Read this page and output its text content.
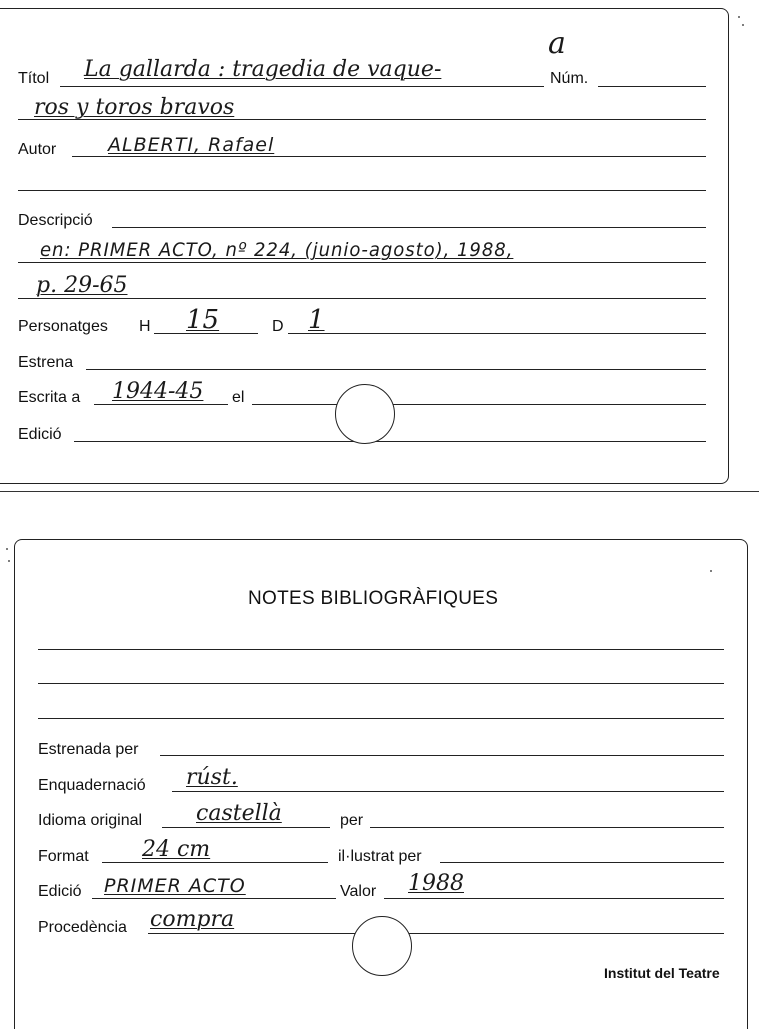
Títol La gallarda : tragedia de vaque-	Núm.
a
ros y toros bravos
Autor	ALBERTI, Rafael
Descripció
en: PRIMER ACTO, nº 224, (junio-agosto), 1988,
p. 29-65
Personatges H 15	D 1
Estrena
Escrita a 1944-45 el
Edició
NOTES BIBLIOGRÀFIQUES
Estrenada per
Enquadernació rúst.
Idioma original castellà	per
Format 24 cm	il·lustrat per
Edició PRIMER ACTO	Valor 1988
Procedència compra
Institut del Teatre
